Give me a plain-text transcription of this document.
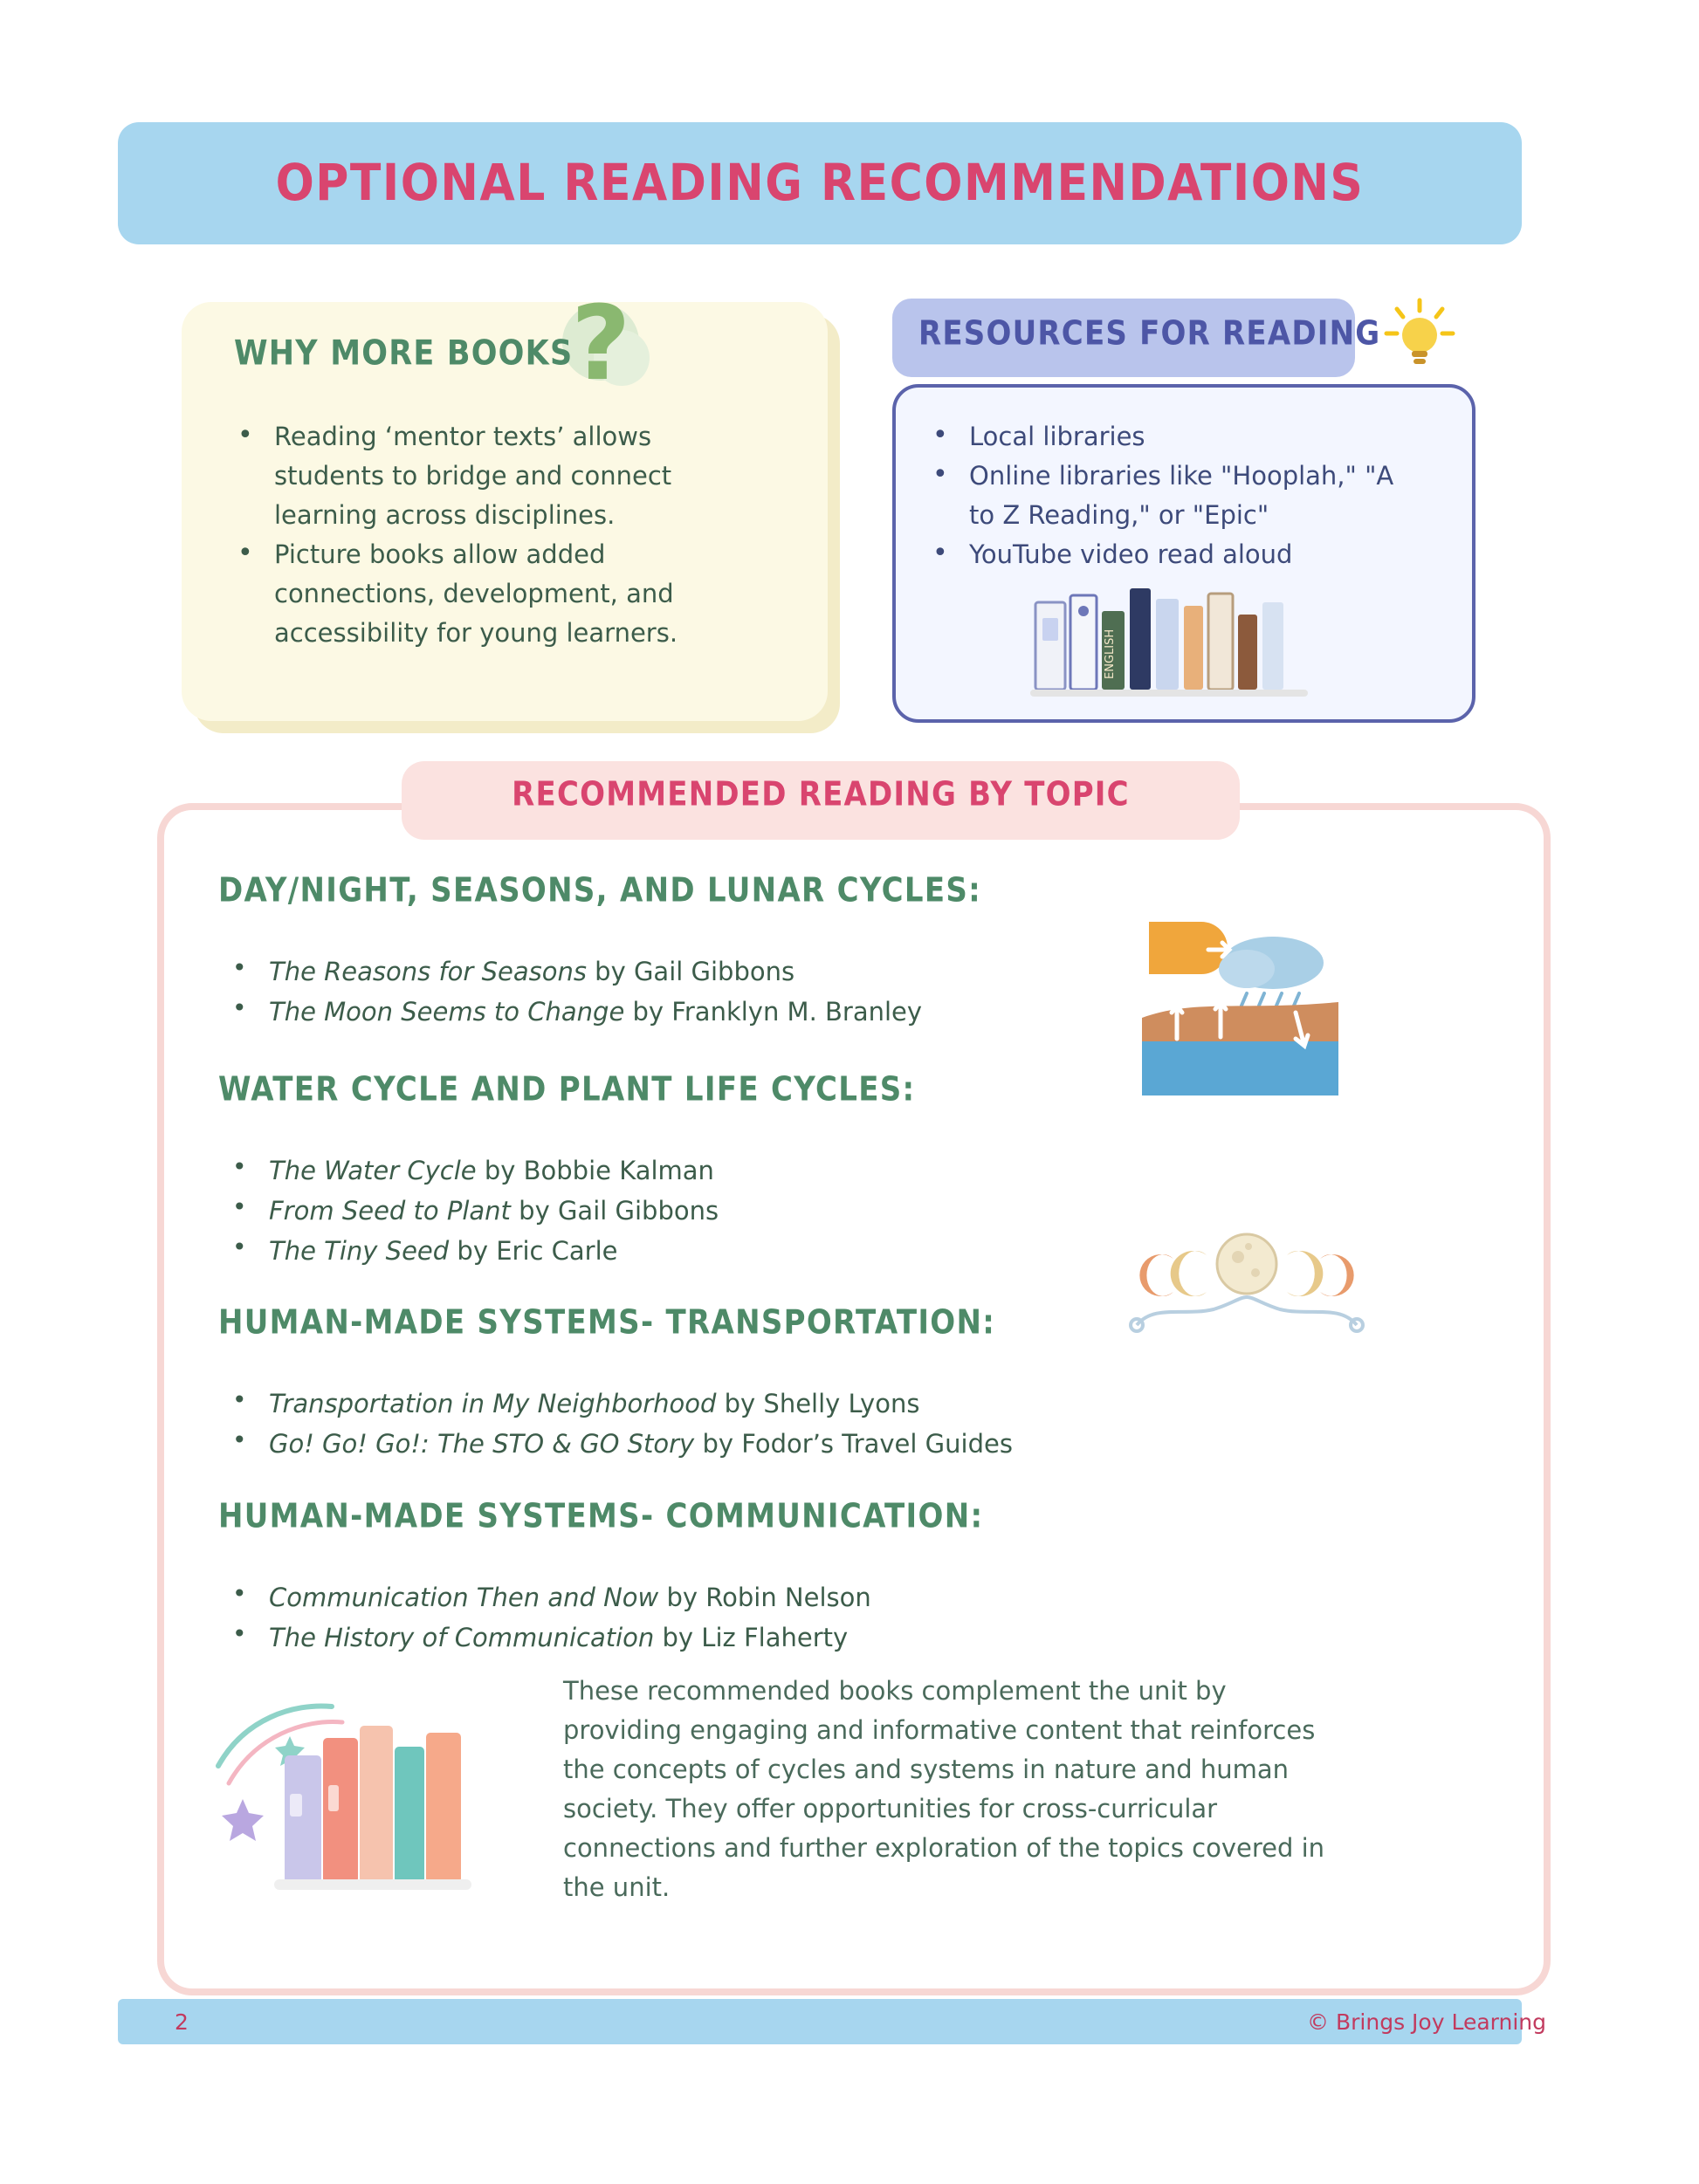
OPTIONAL READING RECOMMENDATIONS
?
WHY MORE BOOKS
• Reading ‘mentor texts’ allows students to bridge and connect learning across disciplines.
• Picture books allow added connections, development, and accessibility for young learners.
RESOURCES FOR READING
• Local libraries
• Online libraries like "Hooplah," "A to Z Reading," or "Epic"
• YouTube video read aloud
ENGLISH
RECOMMENDED READING BY TOPIC
DAY/NIGHT, SEASONS, AND LUNAR CYCLES:
• The Reasons for Seasons by Gail Gibbons
• The Moon Seems to Change by Franklyn M. Branley
WATER CYCLE AND PLANT LIFE CYCLES:
• The Water Cycle by Bobbie Kalman
• From Seed to Plant by Gail Gibbons
• The Tiny Seed by Eric Carle
HUMAN-MADE SYSTEMS- TRANSPORTATION:
• Transportation in My Neighborhood by Shelly Lyons
• Go! Go! Go!: The STO & GO Story by Fodor’s Travel Guides
HUMAN-MADE SYSTEMS- COMMUNICATION:
• Communication Then and Now by Robin Nelson
• The History of Communication by Liz Flaherty
These recommended books complement the unit by providing engaging and informative content that reinforces the concepts of cycles and systems in nature and human society. They offer opportunities for cross-curricular connections and further exploration of the topics covered in the unit.
2	© Brings Joy Learning
